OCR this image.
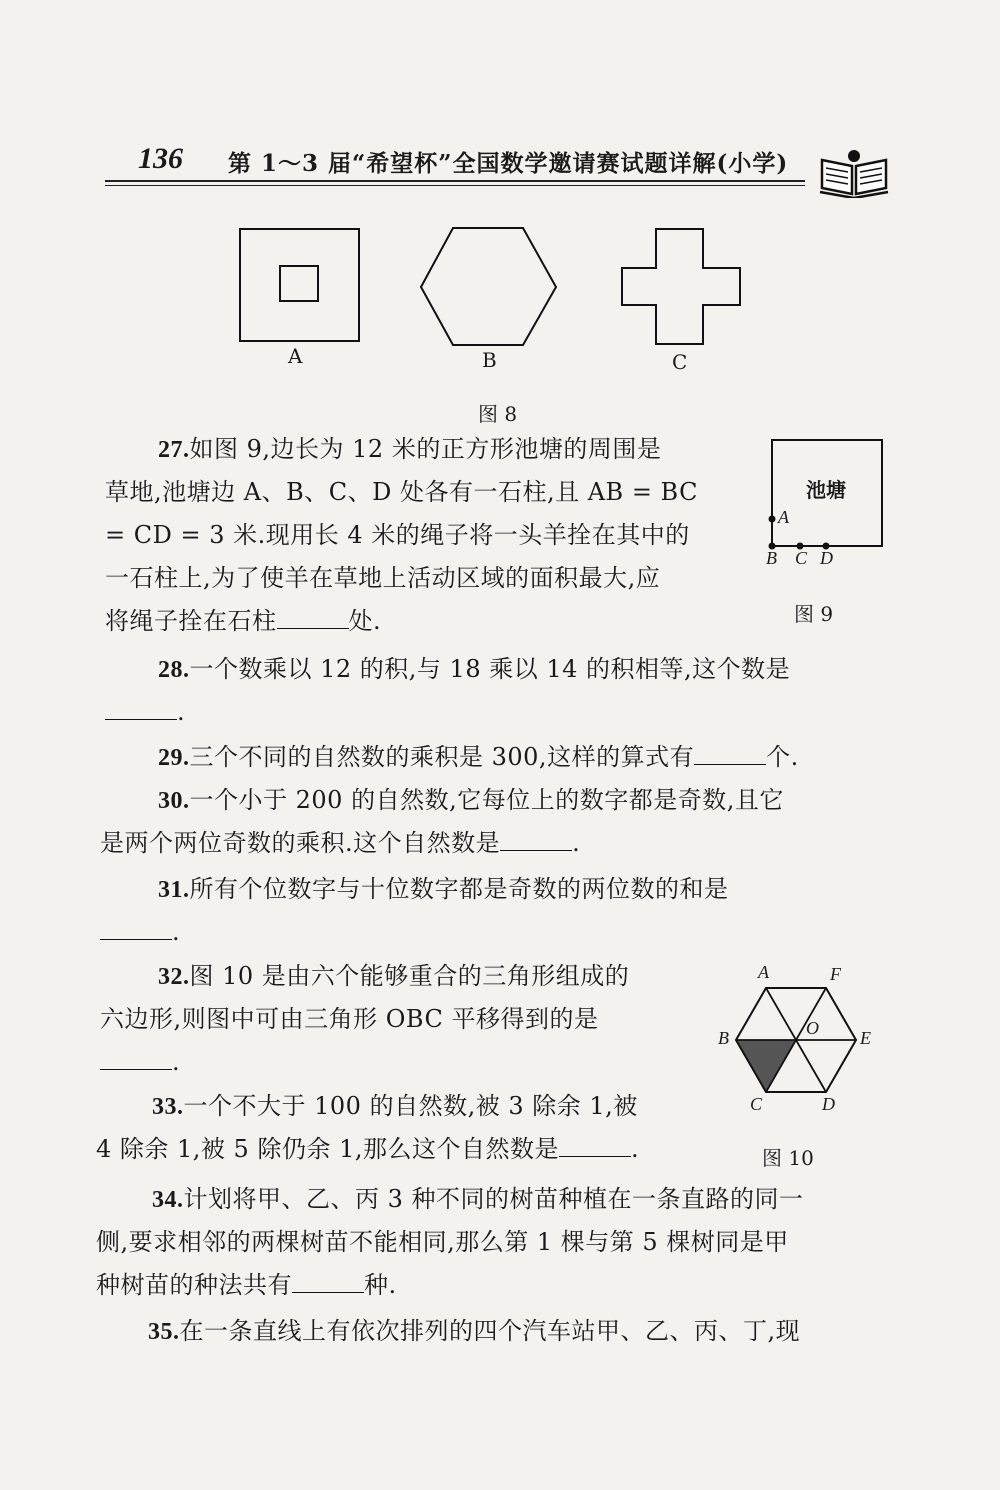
136 第 1～3 届“希望杯”全国数学邀请赛试题详解(小学)
A	B	C
图 8
池塘
A
B C D
图 9
A	F
B	O E
C	D
图 10
27.如图 9,边长为 12 米的正方形池塘的周围是
草地,池塘边 A、B、C、D 处各有一石柱,且 AB = BC
= CD = 3 米.现用长 4 米的绳子将一头羊拴在其中的
一石柱上,为了使羊在草地上活动区域的面积最大,应
将绳子拴在石柱	处.
28.一个数乘以 12 的积,与 18 乘以 14 的积相等,这个数是
.
29.三个不同的自然数的乘积是 300,这样的算式有	个.
30.一个小于 200 的自然数,它每位上的数字都是奇数,且它
是两个两位奇数的乘积.这个自然数是	.
31.所有个位数字与十位数字都是奇数的两位数的和是
.
32.图 10 是由六个能够重合的三角形组成的
六边形,则图中可由三角形 OBC 平移得到的是
.
33.一个不大于 100 的自然数,被 3 除余 1,被
4 除余 1,被 5 除仍余 1,那么这个自然数是	.
34.计划将甲、乙、丙 3 种不同的树苗种植在一条直路的同一
侧,要求相邻的两棵树苗不能相同,那么第 1 棵与第 5 棵树同是甲
种树苗的种法共有	种.
35.在一条直线上有依次排列的四个汽车站甲、乙、丙、丁,现
